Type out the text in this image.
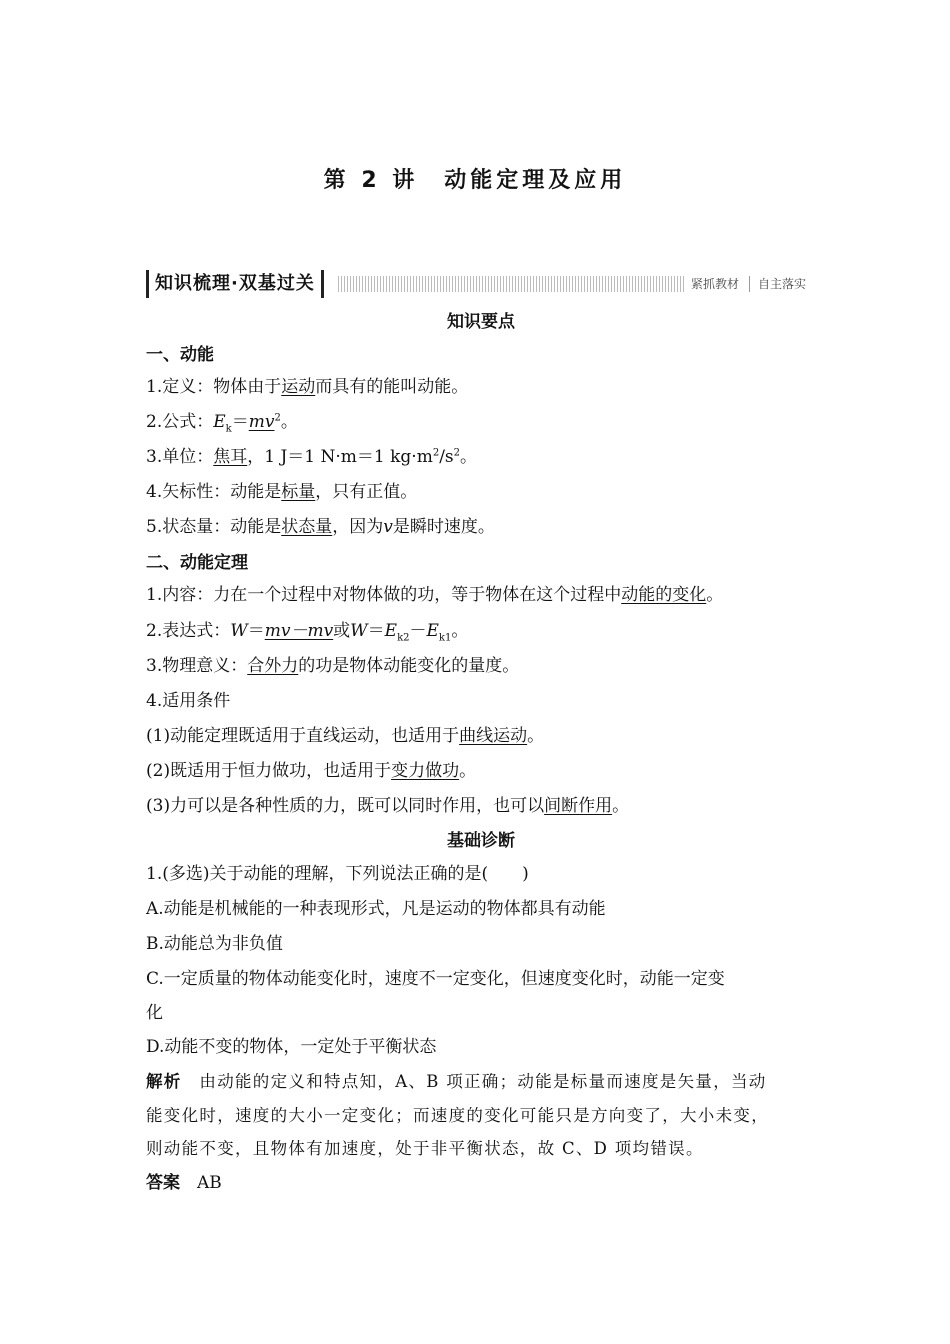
第 2 讲　动能定理及应用
知识梳理·双基过关	紧抓教材	自主落实
知识要点
一、动能
1.定义：物体由于运动而具有的能叫动能。
2.公式：$E_k=mv^2$。
3.单位：焦耳，1 J＝1 N·m＝1 $kg\cdot m^2/s^2$。
4.矢标性：动能是标量，只有正值。
5.状态量：动能是状态量，因为v是瞬时速度。
二、动能定理
1.内容：力在一个过程中对物体做的功，等于物体在这个过程中动能的变化。
2.表达式：W＝mv－mv或$W=E_{k2}-E_{k1}$。
3.物理意义：合外力的功是物体动能变化的量度。
4.适用条件
(1)动能定理既适用于直线运动，也适用于曲线运动。
(2)既适用于恒力做功，也适用于变力做功。
(3)力可以是各种性质的力，既可以同时作用，也可以间断作用。
基础诊断
1.(多选)关于动能的理解，下列说法正确的是(　　)
A.动能是机械能的一种表现形式，凡是运动的物体都具有动能
B.动能总为非负值
C.一定质量的物体动能变化时，速度不一定变化，但速度变化时，动能一定变
化
D.动能不变的物体，一定处于平衡状态
解析　由动能的定义和特点知，A、B 项正确；动能是标量而速度是矢量，当动
能变化时，速度的大小一定变化；而速度的变化可能只是方向变了，大小未变，
则动能不变，且物体有加速度，处于非平衡状态，故 C、D 项均错误。
答案　AB
